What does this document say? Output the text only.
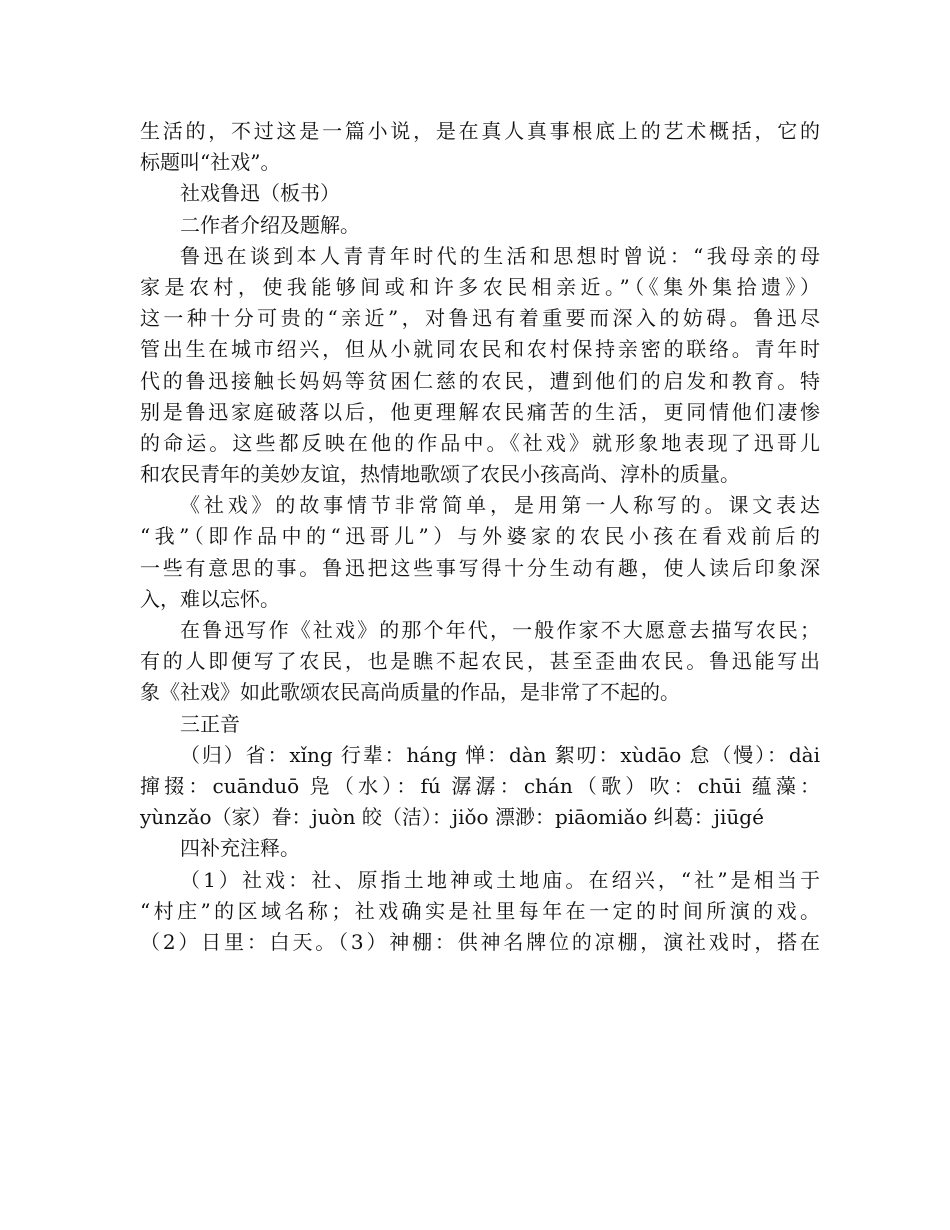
生活的，不过这是一篇小说，是在真人真事根底上的艺术概括，它的
标题叫“社戏”。
社戏鲁迅（板书）
二作者介绍及题解。
鲁迅在谈到本人青青年时代的生活和思想时曾说：“我母亲的母
家是农村，使我能够间或和许多农民相亲近。”（《集外集拾遗》）
这一种十分可贵的“亲近”，对鲁迅有着重要而深入的妨碍。鲁迅尽
管出生在城市绍兴，但从小就同农民和农村保持亲密的联络。青年时
代的鲁迅接触长妈妈等贫困仁慈的农民，遭到他们的启发和教育。特
别是鲁迅家庭破落以后，他更理解农民痛苦的生活，更同情他们凄惨
的命运。这些都反映在他的作品中。《社戏》就形象地表现了迅哥儿
和农民青年的美妙友谊，热情地歌颂了农民小孩高尚、淳朴的质量。
《社戏》的故事情节非常简单，是用第一人称写的。课文表达
“我”（即作品中的“迅哥儿”）与外婆家的农民小孩在看戏前后的
一些有意思的事。鲁迅把这些事写得十分生动有趣，使人读后印象深
入，难以忘怀。
在鲁迅写作《社戏》的那个年代，一般作家不大愿意去描写农民；
有的人即便写了农民，也是瞧不起农民，甚至歪曲农民。鲁迅能写出
象《社戏》如此歌颂农民高尚质量的作品，是非常了不起的。
三正音
（归）省：xǐng 行辈：háng 惮：dàn 絮叨：xùdāo 怠（慢）：dài
撺掇：cuānduō 凫（水）：fú 潺潺：chán（歌）吹：chūi 蕴藻：
yùnzǎo（家）眷：juòn 皎（洁）：jiǒo 漂渺：piāomiǎo 纠葛：jiūgé
四补充注释。
（1）社戏：社、原指土地神或土地庙。在绍兴，“社”是相当于
“村庄”的区域名称；社戏确实是社里每年在一定的时间所演的戏。
（2）日里：白天。（3）神棚：供神名牌位的凉棚，演社戏时，搭在
